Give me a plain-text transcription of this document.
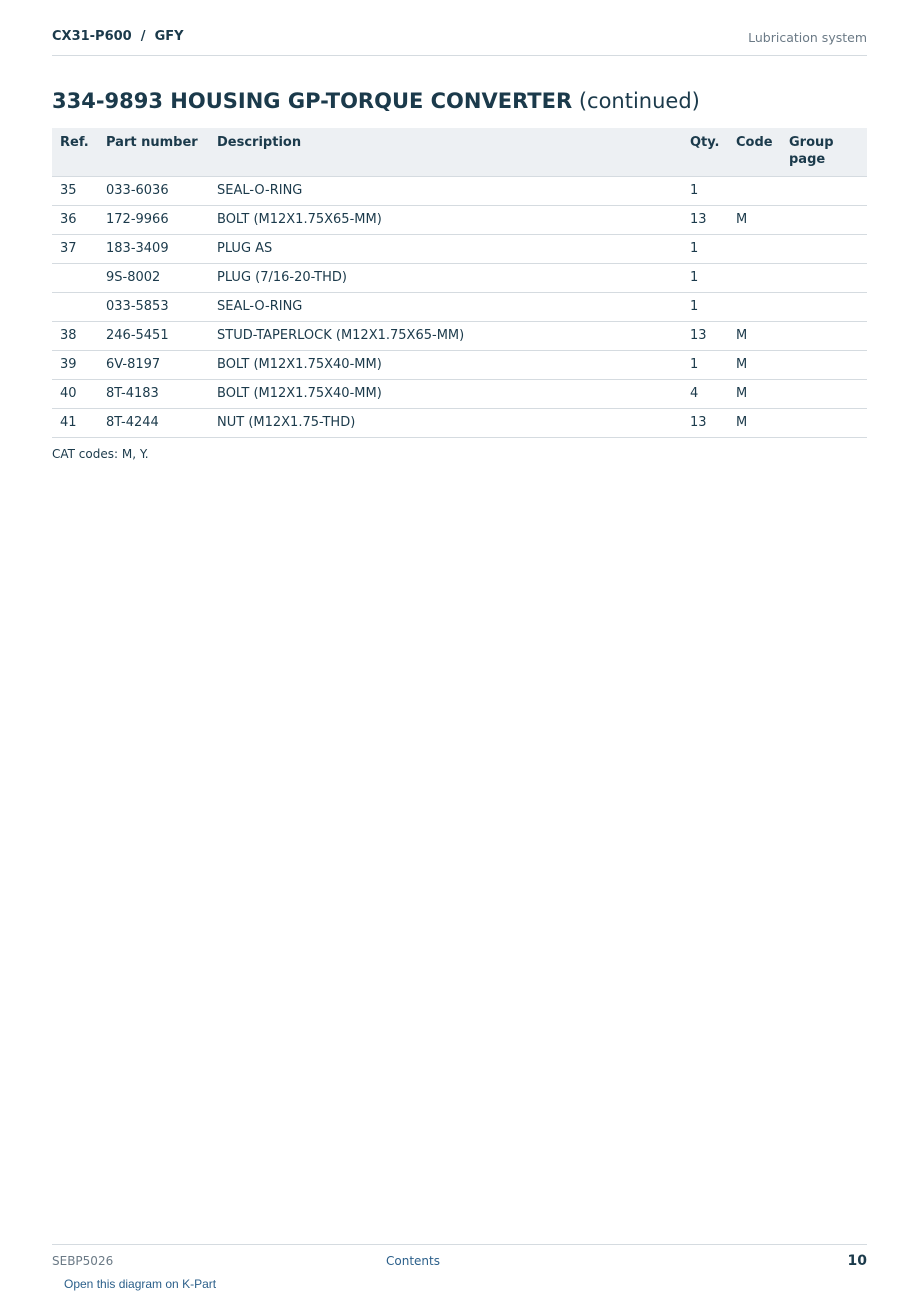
CX31-P600  /  GFY	Lubrication system
334-9893 HOUSING GP-TORQUE CONVERTER (continued)
Ref.	Part number	Description	Qty.	Code	Group page
35	033-6036	SEAL-O-RING	1		
36	172-9966	BOLT (M12X1.75X65-MM)	13	M	
37	183-3409	PLUG AS	1		
	9S-8002	PLUG (7/16-20-THD)	1		
	033-5853	SEAL-O-RING	1		
38	246-5451	STUD-TAPERLOCK (M12X1.75X65-MM)	13	M	
39	6V-8197	BOLT (M12X1.75X40-MM)	1	M	
40	8T-4183	BOLT (M12X1.75X40-MM)	4	M	
41	8T-4244	NUT (M12X1.75-THD)	13	M	
CAT codes: M, Y.
SEBP5026	Contents	10
Open this diagram on K-Part
